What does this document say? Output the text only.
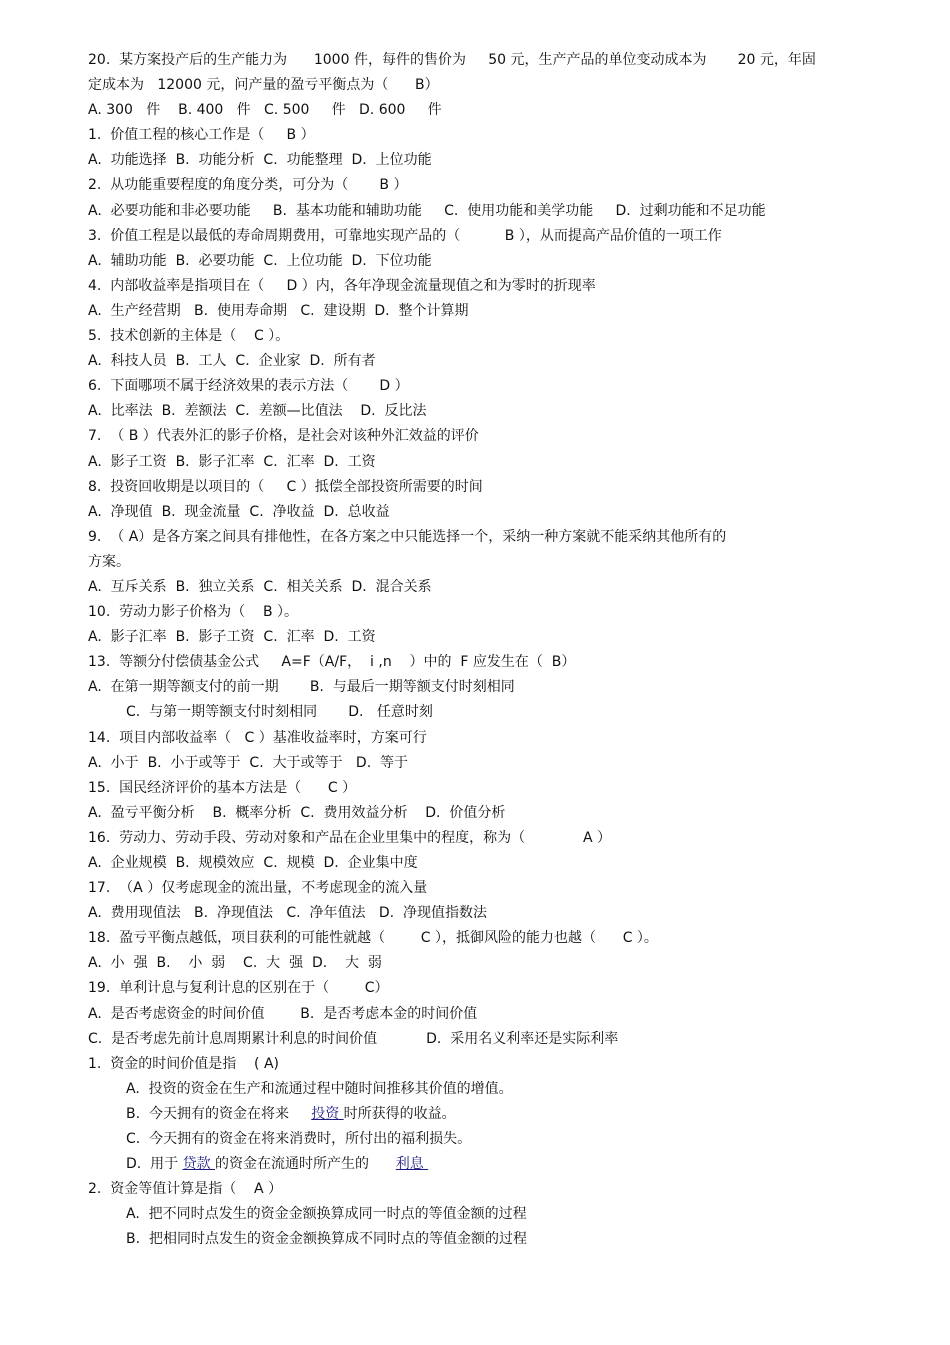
20.  某方案投产后的生产能力为      1000 件，每件的售价为     50 元，生产产品的单位变动成本为       20 元，年固
定成本为   12000 元，问产量的盈亏平衡点为（      B）
A. 300   件    B. 400   件   C. 500     件   D. 600     件
1.  价值工程的核心工作是（     B ）
A.  功能选择  B.  功能分析  C.  功能整理  D.  上位功能
2.  从功能重要程度的角度分类，可分为（       B ）
A.  必要功能和非必要功能     B.  基本功能和辅助功能     C.  使用功能和美学功能     D.  过剩功能和不足功能
3.  价值工程是以最低的寿命周期费用，可靠地实现产品的（          B ），从而提高产品价值的一项工作
A.  辅助功能  B.  必要功能  C.  上位功能  D.  下位功能
4.  内部收益率是指项目在（     D ）内，各年净现金流量现值之和为零时的折现率
A.  生产经营期   B.  使用寿命期   C.  建设期  D.  整个计算期
5.  技术创新的主体是（    C ）。
A.  科技人员  B.  工人  C.  企业家  D.  所有者
6.  下面哪项不属于经济效果的表示方法（       D ）
A.  比率法  B.  差额法  C.  差额—比值法    D.  反比法
7.  （ B ）代表外汇的影子价格，是社会对该种外汇效益的评价
A.  影子工资  B.  影子汇率  C.  汇率  D.  工资
8.  投资回收期是以项目的（     C ）抵偿全部投资所需要的时间
A.  净现值  B.  现金流量  C.  净收益  D.  总收益
9.  （ A）是各方案之间具有排他性，在各方案之中只能选择一个，采纳一种方案就不能采纳其他所有的
方案。
A.  互斥关系  B.  独立关系  C.  相关关系  D.  混合关系
10.  劳动力影子价格为（    B ）。
A.  影子汇率  B.  影子工资  C.  汇率  D.  工资
13.  等额分付偿债基金公式     A=F（A/F，  i ,n    ）中的  F 应发生在（  B）
A.  在第一期等额支付的前一期       B.  与最后一期等额支付时刻相同
C.  与第一期等额支付时刻相同       D.   任意时刻
14.  项目内部收益率（   C ）基准收益率时，方案可行
A.  小于  B.  小于或等于  C.  大于或等于   D.  等于
15.  国民经济评价的基本方法是（      C ）
A.  盈亏平衡分析    B.  概率分析  C.  费用效益分析    D.  价值分析
16.  劳动力、劳动手段、劳动对象和产品在企业里集中的程度，称为（             A ）
A.  企业规模  B.  规模效应  C.  规模  D.  企业集中度
17.  （A ）仅考虑现金的流出量，不考虑现金的流入量
A.  费用现值法   B.  净现值法   C.  净年值法   D.  净现值指数法
18.  盈亏平衡点越低，项目获利的可能性就越（        C ），抵御风险的能力也越（      C ）。
A.  小  强  B.    小  弱    C.  大  强  D.    大  弱
19.  单利计息与复利计息的区别在于（        C）
A.  是否考虑资金的时间价值        B.  是否考虑本金的时间价值
C.  是否考虑先前计息周期累计利息的时间价值           D.  采用名义利率还是实际利率
1.  资金的时间价值是指    ( A)
A.  投资的资金在生产和流通过程中随时间推移其价值的增值。
B.  今天拥有的资金在将来     投资 时所获得的收益。
C.  今天拥有的资金在将来消费时，所付出的福利损失。
D.  用于 贷款 的资金在流通时所产生的      利息
2.  资金等值计算是指（    A ）
A.  把不同时点发生的资金金额换算成同一时点的等值金额的过程
B.  把相同时点发生的资金金额换算成不同时点的等值金额的过程
